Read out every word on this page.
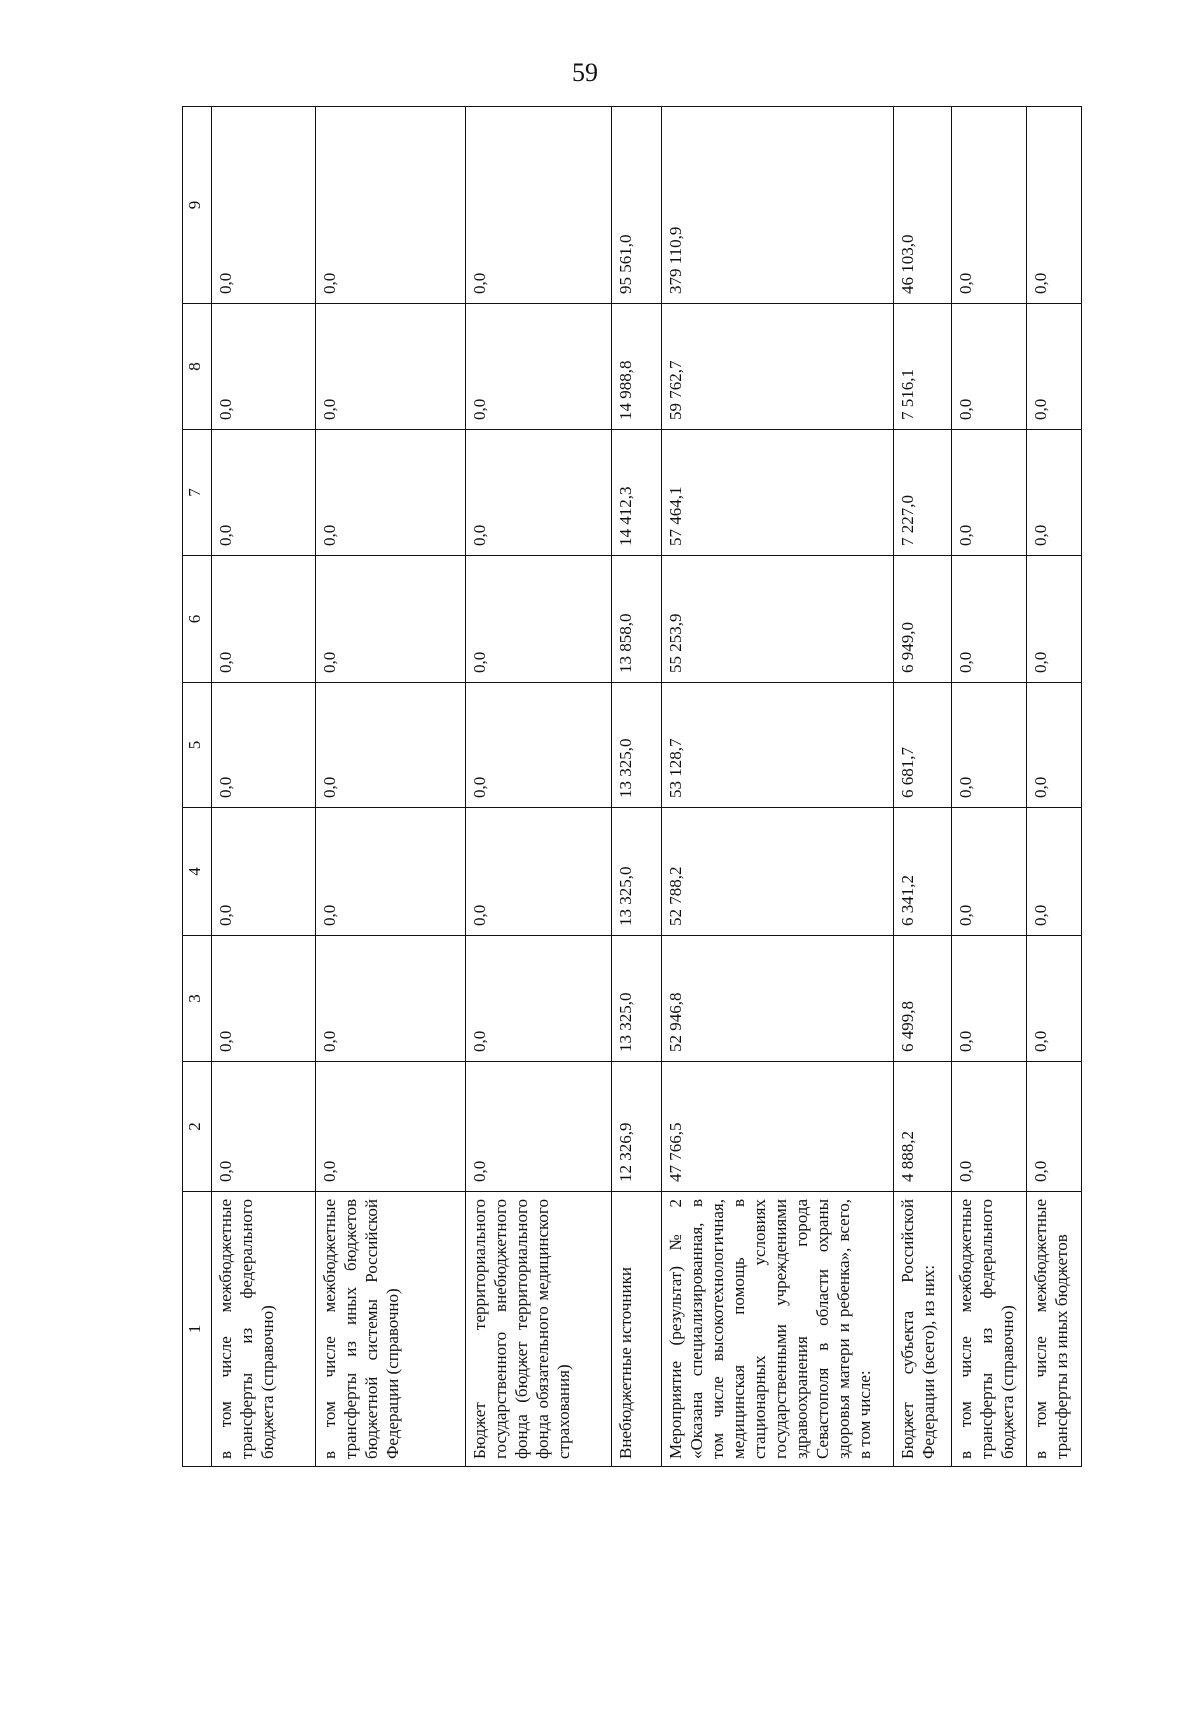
59
1	2	3	4	5	6	7	8	9
в том числе межбюджетные трансферты из федерального бюджета (справочно)	0,0	0,0	0,0	0,0	0,0	0,0	0,0	0,0
в том числе межбюджетные трансферты из иных бюджетов бюджетной системы Российской Федерации (справочно)	0,0	0,0	0,0	0,0	0,0	0,0	0,0	0,0
Бюджет территориального государственного внебюджетного фонда (бюджет территориального фонда обязательного медицинского страхования)	0,0	0,0	0,0	0,0	0,0	0,0	0,0	0,0
Внебюджетные источники	12 326,9	13 325,0	13 325,0	13 325,0	13 858,0	14 412,3	14 988,8	95 561,0
Мероприятие (результат) № 2 «Оказана специализированная, в том числе высокотехнологичная, медицинская помощь в стационарных условиях государственными учреждениями здравоохранения города Севастополя в области охраны здоровья матери и ребенка», всего, в том числе:	47 766,5	52 946,8	52 788,2	53 128,7	55 253,9	57 464,1	59 762,7	379 110,9
Бюджет субъекта Российской Федерации (всего), из них:	4 888,2	6 499,8	6 341,2	6 681,7	6 949,0	7 227,0	7 516,1	46 103,0
в том числе межбюджетные трансферты из федерального бюджета (справочно)	0,0	0,0	0,0	0,0	0,0	0,0	0,0	0,0
в том числе межбюджетные трансферты из иных бюджетов	0,0	0,0	0,0	0,0	0,0	0,0	0,0	0,0
